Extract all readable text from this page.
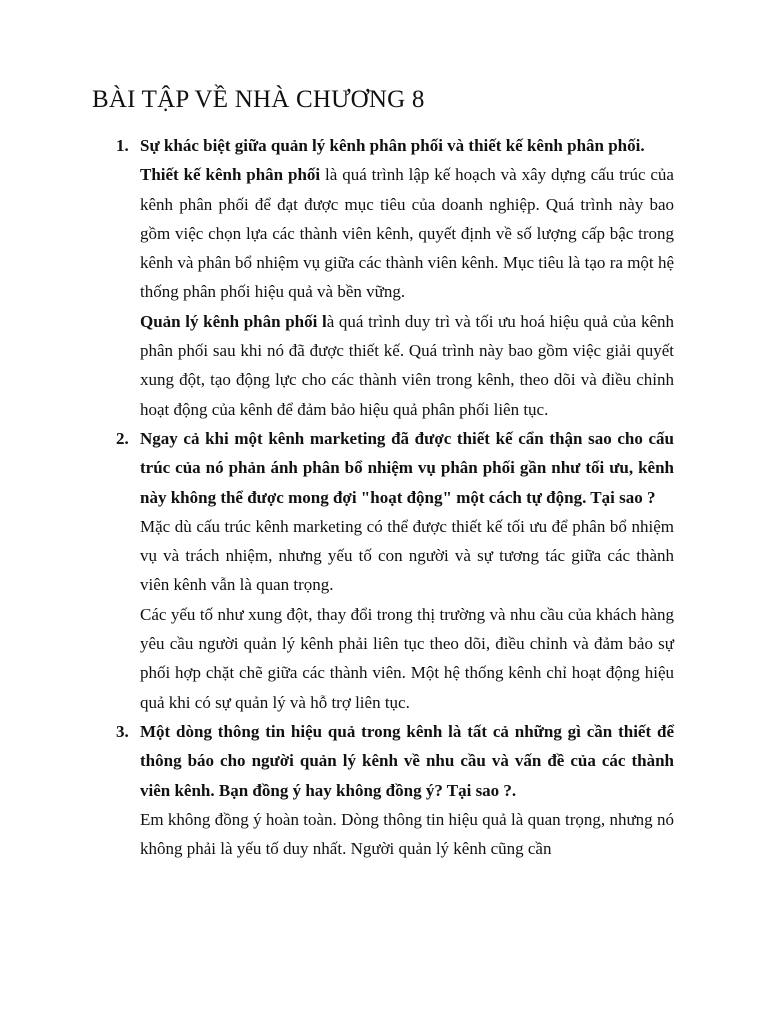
BÀI TẬP VỀ NHÀ CHƯƠNG 8
1. Sự khác biệt giữa quản lý kênh phân phối và thiết kế kênh phân phối.

Thiết kế kênh phân phối là quá trình lập kế hoạch và xây dựng cấu trúc của kênh phân phối để đạt được mục tiêu của doanh nghiệp. Quá trình này bao gồm việc chọn lựa các thành viên kênh, quyết định về số lượng cấp bậc trong kênh và phân bổ nhiệm vụ giữa các thành viên kênh. Mục tiêu là tạo ra một hệ thống phân phối hiệu quả và bền vững.

Quản lý kênh phân phối là quá trình duy trì và tối ưu hoá hiệu quả của kênh phân phối sau khi nó đã được thiết kế. Quá trình này bao gồm việc giải quyết xung đột, tạo động lực cho các thành viên trong kênh, theo dõi và điều chỉnh hoạt động của kênh để đảm bảo hiệu quả phân phối liên tục.

2. Ngay cả khi một kênh marketing đã được thiết kế cẩn thận sao cho cấu trúc của nó phản ánh phân bổ nhiệm vụ phân phối gần như tối ưu, kênh này không thể được mong đợi "hoạt động" một cách tự động. Tại sao ?

Mặc dù cấu trúc kênh marketing có thể được thiết kế tối ưu để phân bổ nhiệm vụ và trách nhiệm, nhưng yếu tố con người và sự tương tác giữa các thành viên kênh vẫn là quan trọng.

Các yếu tố như xung đột, thay đổi trong thị trường và nhu cầu của khách hàng yêu cầu người quản lý kênh phải liên tục theo dõi, điều chỉnh và đảm bảo sự phối hợp chặt chẽ giữa các thành viên. Một hệ thống kênh chỉ hoạt động hiệu quả khi có sự quản lý và hỗ trợ liên tục.

3. Một dòng thông tin hiệu quả trong kênh là tất cả những gì cần thiết để thông báo cho người quản lý kênh về nhu cầu và vấn đề của các thành viên kênh. Bạn đồng ý hay không đồng ý? Tại sao ?.

Em không đồng ý hoàn toàn. Dòng thông tin hiệu quả là quan trọng, nhưng nó không phải là yếu tố duy nhất. Người quản lý kênh cũng cần
